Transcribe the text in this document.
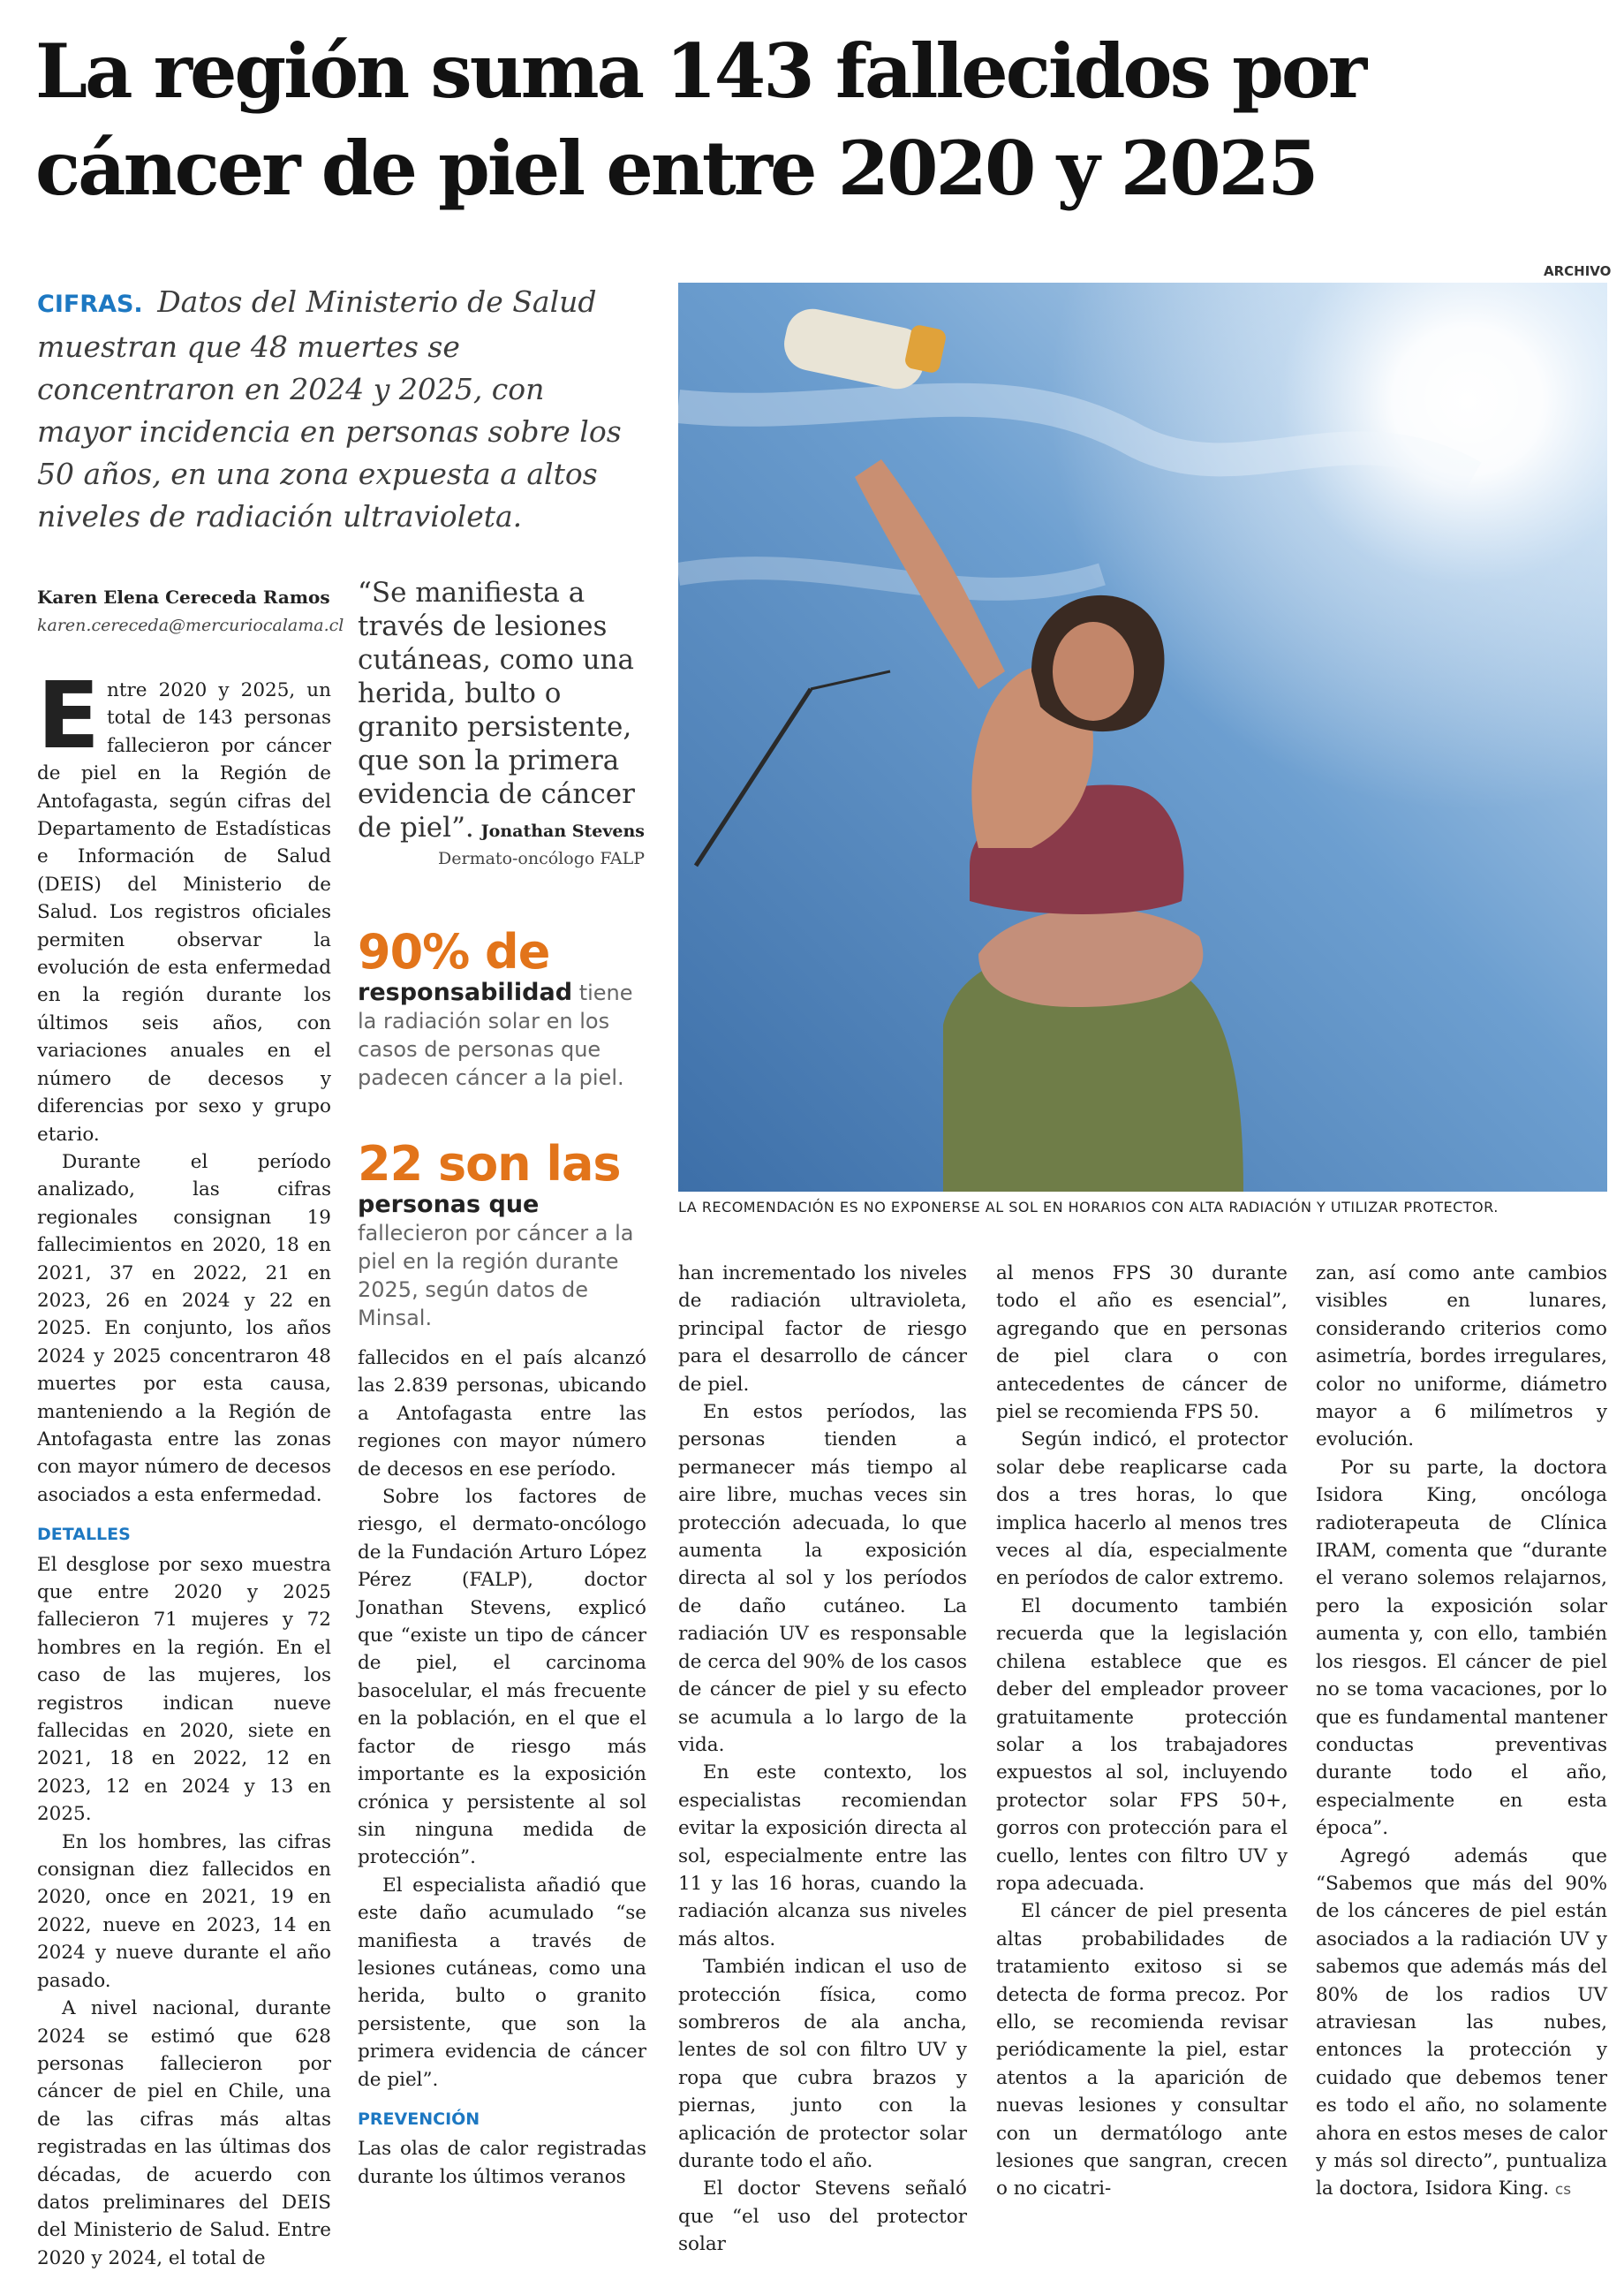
La región suma 143 fallecidos por cáncer de piel entre 2020 y 2025
ARCHIVO
CIFRAS. Datos del Ministerio de Salud muestran que 48 muertes se concentraron en 2024 y 2025, con mayor incidencia en personas sobre los 50 años, en una zona expuesta a altos niveles de radiación ultravioleta.
Karen Elena Cereceda Ramos
karen.cereceda@mercuriocalama.cl
“Se manifiesta a través de lesiones cutáneas, como una herida, bulto o granito persistente, que son la primera evidencia de cáncer de piel”. Jonathan Stevens
Dermato-oncólogo FALP
90% de
responsabilidad tiene la radiación solar en los casos de personas que padecen cáncer a la piel.
22 son las
personas que fallecieron por cáncer a la piel en la región durante 2025, según datos de Minsal.
LA RECOMENDACIÓN ES NO EXPONERSE AL SOL EN HORARIOS CON ALTA RADIACIÓN Y UTILIZAR PROTECTOR.

Entre 2020 y 2025, un total de 143 personas fallecieron por cáncer de piel en la Región de Antofagasta, según cifras del Departamento de Estadísticas e Información de Salud (DEIS) del Ministerio de Salud. Los registros oficiales permiten observar la evolución de esta enfermedad en la región durante los últimos seis años, con variaciones anuales en el número de decesos y diferencias por sexo y grupo etario.

Durante el período analizado, las cifras regionales consignan 19 fallecimientos en 2020, 18 en 2021, 37 en 2022, 21 en 2023, 26 en 2024 y 22 en 2025. En conjunto, los años 2024 y 2025 concentraron 48 muertes por esta causa, manteniendo a la Región de Antofagasta entre las zonas con mayor número de decesos asociados a esta enfermedad.

DETALLES

El desglose por sexo muestra que entre 2020 y 2025 fallecieron 71 mujeres y 72 hombres en la región. En el caso de las mujeres, los registros indican nueve fallecidas en 2020, siete en 2021, 18 en 2022, 12 en 2023, 12 en 2024 y 13 en 2025.

En los hombres, las cifras consignan diez fallecidos en 2020, once en 2021, 19 en 2022, nueve en 2023, 14 en 2024 y nueve durante el año pasado.

A nivel nacional, durante 2024 se estimó que 628 personas fallecieron por cáncer de piel en Chile, una de las cifras más altas registradas en las últimas dos décadas, de acuerdo con datos preliminares del DEIS del Ministerio de Salud. Entre 2020 y 2024, el total de

fallecidos en el país alcanzó las 2.839 personas, ubicando a Antofagasta entre las regiones con mayor número de decesos en ese período.

Sobre los factores de riesgo, el dermato-oncólogo de la Fundación Arturo López Pérez (FALP), doctor Jonathan Stevens, explicó que “existe un tipo de cáncer de piel, el carcinoma basocelular, el más frecuente en la población, en el que el factor de riesgo más importante es la exposición crónica y persistente al sol sin ninguna medida de protección”.

El especialista añadió que este daño acumulado “se manifiesta a través de lesiones cutáneas, como una herida, bulto o granito persistente, que son la primera evidencia de cáncer de piel”.

PREVENCIÓN

Las olas de calor registradas durante los últimos veranos

han incrementado los niveles de radiación ultravioleta, principal factor de riesgo para el desarrollo de cáncer de piel.

En estos períodos, las personas tienden a permanecer más tiempo al aire libre, muchas veces sin protección adecuada, lo que aumenta la exposición directa al sol y los períodos de daño cutáneo. La radiación UV es responsable de cerca del 90% de los casos de cáncer de piel y su efecto se acumula a lo largo de la vida.

En este contexto, los especialistas recomiendan evitar la exposición directa al sol, especialmente entre las 11 y las 16 horas, cuando la radiación alcanza sus niveles más altos.

También indican el uso de protección física, como sombreros de ala ancha, lentes de sol con filtro UV y ropa que cubra brazos y piernas, junto con la aplicación de protector solar durante todo el año.

El doctor Stevens señaló que “el uso del protector solar

al menos FPS 30 durante todo el año es esencial”, agregando que en personas de piel clara o con antecedentes de cáncer de piel se recomienda FPS 50.

Según indicó, el protector solar debe reaplicarse cada dos a tres horas, lo que implica hacerlo al menos tres veces al día, especialmente en períodos de calor extremo.

El documento también recuerda que la legislación chilena establece que es deber del empleador proveer gratuitamente protección solar a los trabajadores expuestos al sol, incluyendo protector solar FPS 50+, gorros con protección para el cuello, lentes con filtro UV y ropa adecuada.

El cáncer de piel presenta altas probabilidades de tratamiento exitoso si se detecta de forma precoz. Por ello, se recomienda revisar periódicamente la piel, estar atentos a la aparición de nuevas lesiones y consultar con un dermatólogo ante lesiones que sangran, crecen o no cicatri-

zan, así como ante cambios visibles en lunares, considerando criterios como asimetría, bordes irregulares, color no uniforme, diámetro mayor a 6 milímetros y evolución.

Por su parte, la doctora Isidora King, oncóloga radioterapeuta de Clínica IRAM, comenta que “durante el verano solemos relajarnos, pero la exposición solar aumenta y, con ello, también los riesgos. El cáncer de piel no se toma vacaciones, por lo que es fundamental mantener conductas preventivas durante todo el año, especialmente en esta época”.

Agregó además que “Sabemos que más del 90% de los cánceres de piel están asociados a la radiación UV y sabemos que además más del 80% de los radios UV atraviesan las nubes, entonces la protección y cuidado que debemos tener es todo el año, no solamente ahora en estos meses de calor y más sol directo”, puntualiza la doctora, Isidora King. cs
